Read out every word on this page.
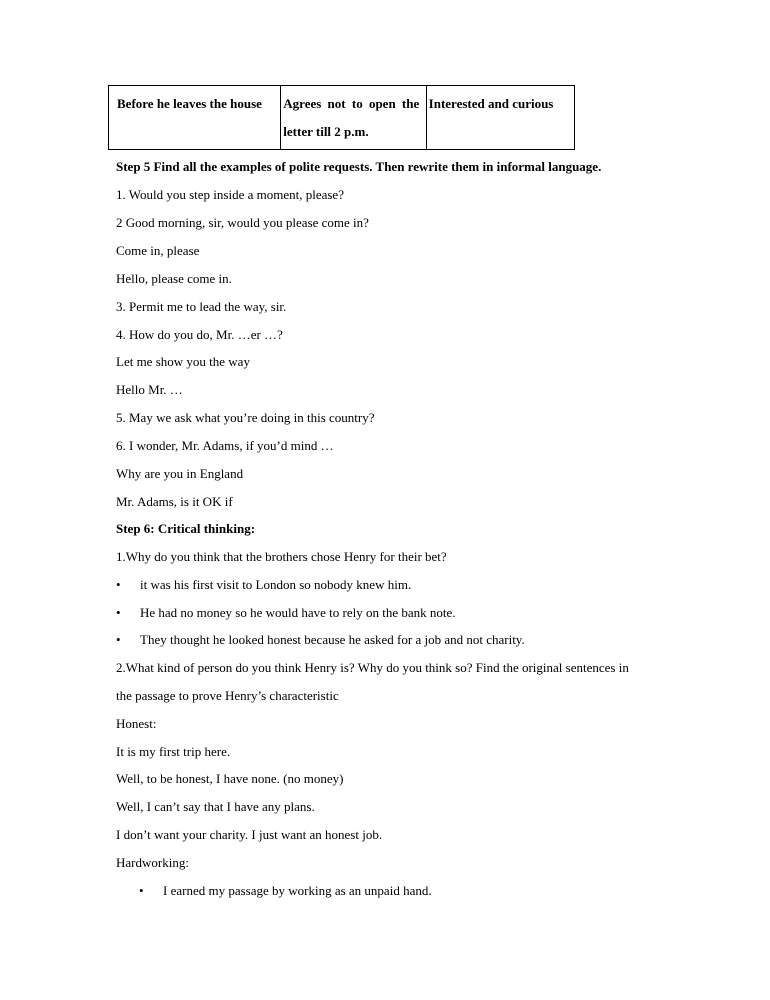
Before he leaves the house	Agrees not to open the
letter till 2 p.m.
Interested and curious
Step 5 Find all the examples of polite requests. Then rewrite them in informal language.
1. Would you step inside a moment, please?
2 Good morning, sir, would you please come in?
Come in, please
Hello, please come in.
3. Permit me to lead the way, sir.
4. How do you do, Mr. …er …?
Let me show you the way
Hello Mr. …
5. May we ask what you’re doing in this country?
6. I wonder, Mr. Adams, if you’d mind …
Why are you in England
Mr. Adams, is it OK if
Step 6: Critical thinking:
1.Why do you think that the brothers chose Henry for their bet?
• it was his first visit to London so nobody knew him.
• He had no money so he would have to rely on the bank note.
• They thought he looked honest because he asked for a job and not charity.
2.What kind of person do you think Henry is? Why do you think so? Find the original sentences in
the passage to prove Henry’s characteristic
Honest:
It is my first trip here.
Well, to be honest, I have none. (no money)
Well, I can’t say that I have any plans.
I don’t want your charity. I just want an honest job.
Hardworking:
• I earned my passage by working as an unpaid hand.
